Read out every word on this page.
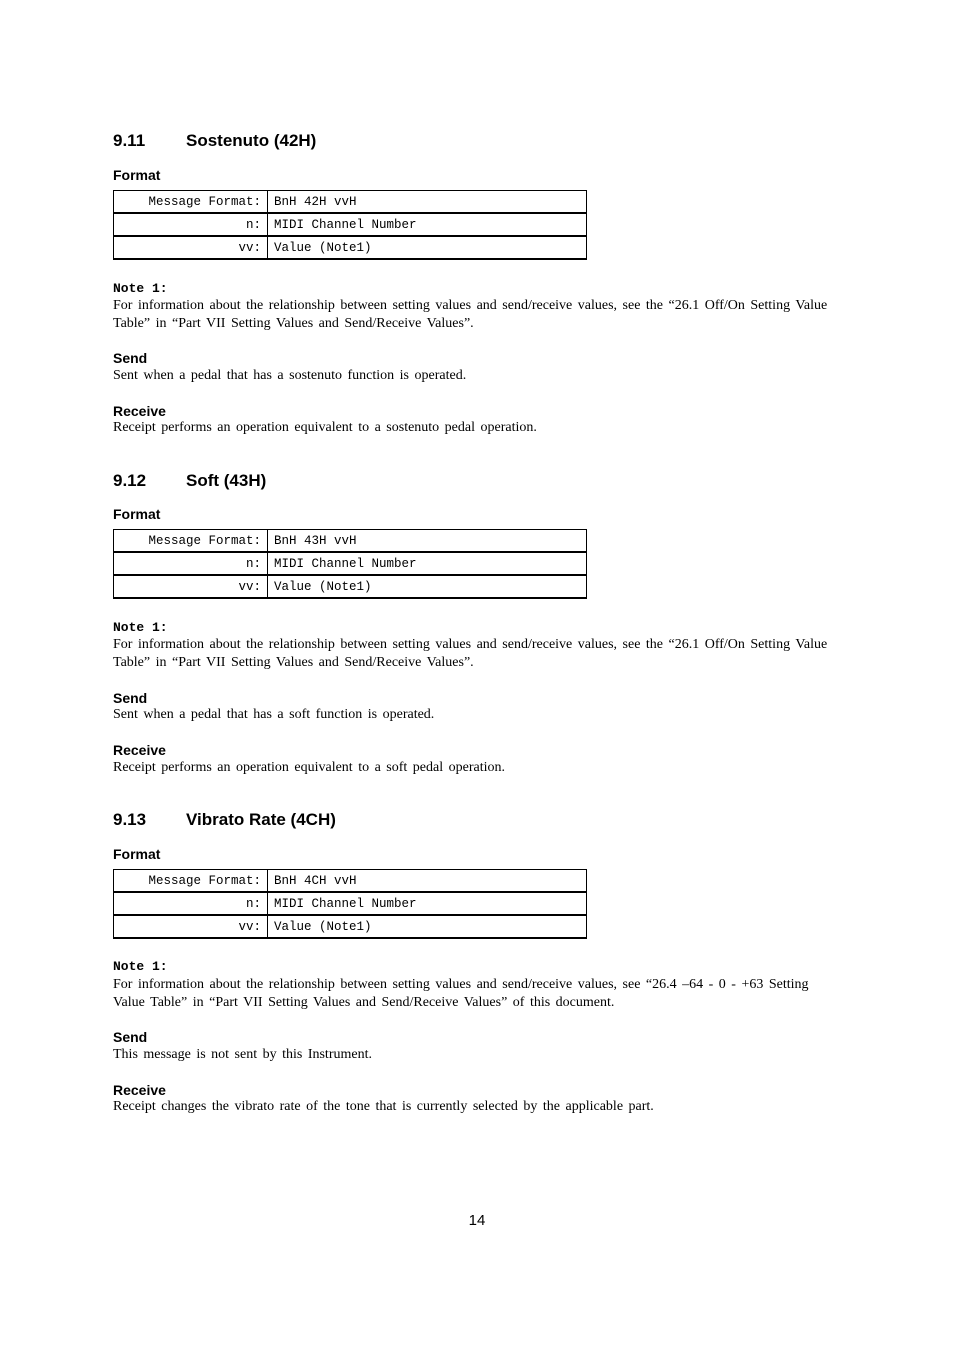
9.11 Sostenuto (42H)

Format

Message Format:	BnH 42H vvH
n:	MIDI Channel Number
vv:	Value (Note1)

Note 1:

For information about the relationship between setting values and send/receive values, see the “26.1 Off/On Setting Value Table” in “Part VII Setting Values and Send/Receive Values”.

Send

Sent when a pedal that has a sostenuto function is operated.

Receive

Receipt performs an operation equivalent to a sostenuto pedal operation.

9.12 Soft (43H)

Format

Message Format:	BnH 43H vvH
n:	MIDI Channel Number
vv:	Value (Note1)

Note 1:

For information about the relationship between setting values and send/receive values, see the “26.1 Off/On Setting Value Table” in “Part VII Setting Values and Send/Receive Values”.

Send

Sent when a pedal that has a soft function is operated.

Receive

Receipt performs an operation equivalent to a soft pedal operation.

9.13 Vibrato Rate (4CH)

Format

Message Format:	BnH 4CH vvH
n:	MIDI Channel Number
vv:	Value (Note1)

Note 1:

For information about the relationship between setting values and send/receive values, see “26.4 –64 - 0 - +63 Setting Value Table” in “Part VII Setting Values and Send/Receive Values” of this document.

Send

This message is not sent by this Instrument.

Receive

Receipt changes the vibrato rate of the tone that is currently selected by the applicable part.

14
